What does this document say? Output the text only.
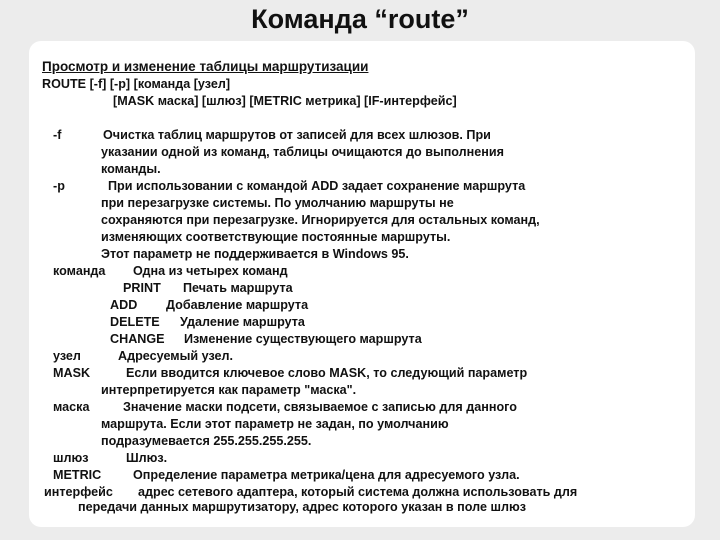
Команда “route”
Просмотр и изменение таблицы маршрутизации
ROUTE [-f] [-p] [команда [узел]
[MASK маска] [шлюз] [METRIC метрика] [IF-интерфейс]
-f	Очистка таблиц маршрутов от записей для всех шлюзов. При
указании одной из команд, таблицы очищаются до выполнения
команды.
-p	При использовании с командой ADD задает сохранение маршрута
при перезагрузке системы. По умолчанию маршруты не
сохраняются при перезагрузке. Игнорируется для остальных команд,
изменяющих соответствующие постоянные маршруты.
Этот параметр не поддерживается в Windows 95.
команда Одна из четырех команд
PRINT Печать маршрута
ADD Добавление маршрута
DELETE Удаление маршрута
CHANGE Изменение существующего маршрута
узел	Адресуемый узел.
MASK	Если вводится ключевое слово MASK, то следующий параметр
интерпретируется как параметр "маска".
маска	Значение маски подсети, связываемое с записью для данного
маршрута. Если этот параметр не задан, по умолчанию
подразумевается 255.255.255.255.
шлюз	Шлюз.
METRIC	Определение параметра метрика/цена для адресуемого узла.
интерфейс адрес сетевого адаптера, который система должна использовать для
передачи данных маршрутизатору, адрес которого указан в поле шлюз
